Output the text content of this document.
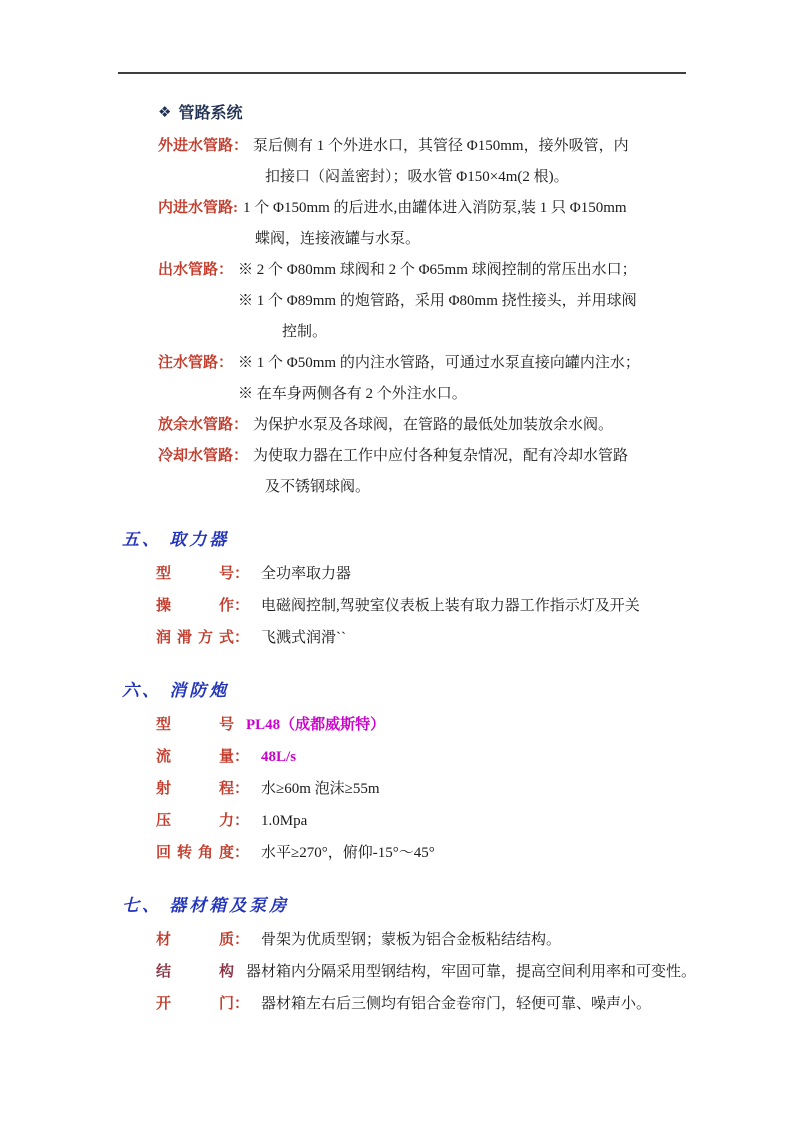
❖ 管路系统
外进水管路： 泵后侧有 1 个外进水口，其管径 Φ150mm，接外吸管，内
扣接口（闷盖密封）；吸水管 Φ150×4m(2 根)。
内进水管路: 1 个 Φ150mm 的后进水,由罐体进入消防泵,装 1 只 Φ150mm
蝶阀，连接液罐与水泵。
出水管路： ※ 2 个 Φ80mm 球阀和 2 个 Φ65mm 球阀控制的常压出水口；
※ 1 个 Φ89mm 的炮管路，采用 Φ80mm 挠性接头，并用球阀
控制。
注水管路： ※ 1 个 Φ50mm 的内注水管路，可通过水泵直接向罐内注水；
※ 在车身两侧各有 2 个外注水口。
放余水管路： 为保护水泵及各球阀，在管路的最低处加装放余水阀。
冷却水管路： 为使取力器在工作中应付各种复杂情况，配有冷却水管路
及不锈钢球阀。
五、 取力器
型 号 ： 全功率取力器
操 作 ： 电磁阀控制,驾驶室仪表板上装有取力器工作指示灯及开关
润滑方式 ： 飞溅式润滑``
六、 消防炮
型 号 PL48（成都威斯特）
流 量 ： 48L/s
射 程 ： 水≥60m 泡沫≥55m
压 力 ： 1.0Mpa
回转角度 ： 水平≥270°，俯仰-15°～45°
七、 器材箱及泵房
材 质 ： 骨架为优质型钢；蒙板为铝合金板粘结结构。
结 构 器材箱内分隔采用型钢结构，牢固可靠，提高空间利用率和可变性。
开 门 ： 器材箱左右后三侧均有铝合金卷帘门，轻便可靠、噪声小。
